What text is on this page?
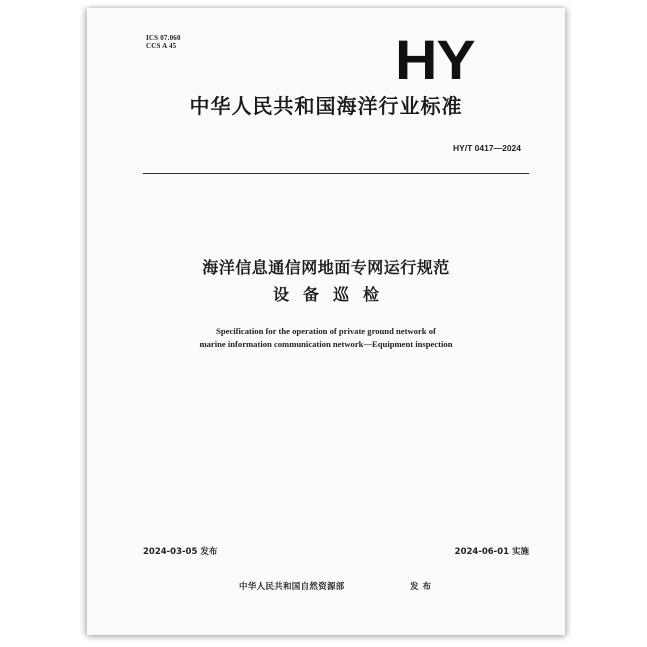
ICS 07.060
CCS A 45	HY
中华人民共和国海洋行业标准
HY/T 0417—2024
海洋信息通信网地面专网运行规范
设备巡检
Specification for the operation of private ground network of
marine information communication network—Equipment inspection
2024-03-05 发布	2024-06-01 实施
中华人民共和国自然资源部	发布
